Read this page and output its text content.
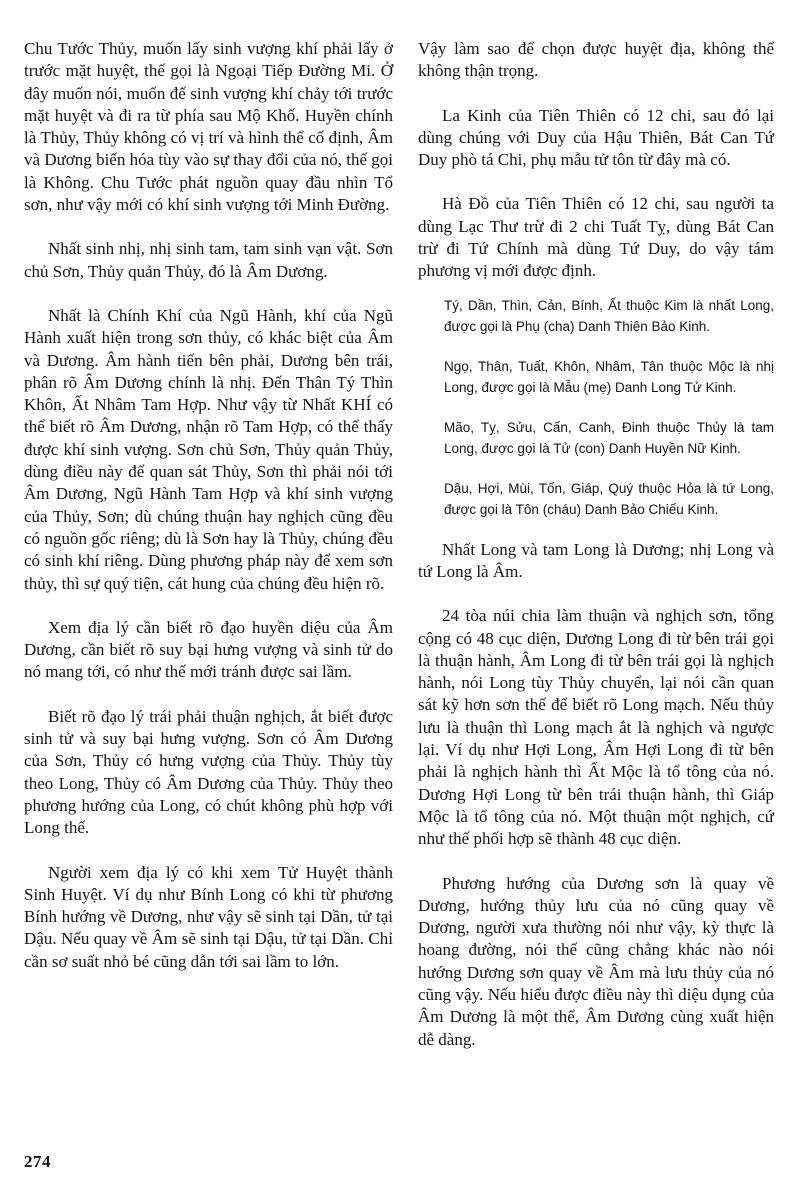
Chu Tước Thủy, muốn lấy sinh vượng khí phải lấy ở trước mặt huyệt, thế gọi là Ngoại Tiếp Đường Mi. Ở đây muốn nói, muốn để sinh vượng khí chảy tới trước mặt huyệt và đi ra từ phía sau Mộ Khố. Huyền chính là Thủy, Thủy không có vị trí và hình thể cố định, Âm và Dương biến hóa tùy vào sự thay đổi của nó, thế gọi là Không. Chu Tước phát nguồn quay đầu nhìn Tổ sơn, như vậy mới có khí sinh vượng tới Minh Đường.

Nhất sinh nhị, nhị sinh tam, tam sinh vạn vật. Sơn chủ Sơn, Thủy quản Thủy, đó là Âm Dương.

Nhất là Chính Khí của Ngũ Hành, khí của Ngũ Hành xuất hiện trong sơn thủy, có khác biệt của Âm và Dương. Âm hành tiến bên phải, Dương bên trái, phân rõ Âm Dương chính là nhị. Đến Thân Tý Thìn Khôn, Ất Nhâm Tam Hợp. Như vậy từ Nhất KHÍ có thể biết rõ Âm Dương, nhận rõ Tam Hợp, có thể thấy được khí sinh vượng. Sơn chủ Sơn, Thủy quản Thủy, dùng điều này để quan sát Thủy, Sơn thì phải nói tới Âm Dương, Ngũ Hành Tam Hợp và khí sinh vượng của Thủy, Sơn; dù chúng thuận hay nghịch cũng đều có nguồn gốc riêng; dù là Sơn hay là Thủy, chúng đều có sinh khí riêng. Dùng phương pháp này để xem sơn thủy, thì sự quý tiện, cát hung của chúng đều hiện rõ.

Xem địa lý cần biết rõ đạo huyền diệu của Âm Dương, cần biết rõ suy bại hưng vượng và sinh tử do nó mang tới, có như thế mới tránh được sai lầm.

Biết rõ đạo lý trái phải thuận nghịch, ắt biết được sinh tử và suy bại hưng vượng. Sơn có Âm Dương của Sơn, Thủy có hưng vượng của Thủy. Thủy tùy theo Long, Thủy có Âm Dương của Thủy. Thủy theo phương hướng của Long, có chút không phù hợp với Long thế.

Người xem địa lý có khi xem Tử Huyệt thành Sinh Huyệt. Ví dụ như Bính Long có khi từ phương Bính hướng về Dương, như vậy sẽ sinh tại Dần, tử tại Dậu. Nếu quay về Âm sẽ sinh tại Dậu, tử tại Dần. Chỉ cần sơ suất nhỏ bé cũng dẫn tới sai lầm to lớn.

Vậy làm sao để chọn được huyệt địa, không thể không thận trọng.

La Kinh của Tiên Thiên có 12 chi, sau đó lại dùng chúng với Duy của Hậu Thiên, Bát Can Tứ Duy phò tá Chi, phụ mẫu tử tôn từ đây mà có.

Hà Đồ của Tiên Thiên có 12 chi, sau người ta dùng Lạc Thư trừ đi 2 chi Tuất Tỵ, dùng Bát Can trừ đi Tứ Chính mà dùng Tứ Duy, do vậy tám phương vị mới được định.

Tý, Dần, Thìn, Cản, Bính, Ất thuộc Kim là nhất Long, được gọi là Phụ (cha) Danh Thiên Bảo Kinh.

Ngọ, Thân, Tuất, Khôn, Nhâm, Tân thuộc Mộc là nhị Long, được gọi là Mẫu (mẹ) Danh Long Tử Kinh.

Mão, Tỵ, Sửu, Cấn, Canh, Đinh thuộc Thủy là tam Long, được gọi là Tử (con) Danh Huyền Nữ Kinh.

Dậu, Hợi, Mùi, Tốn, Giáp, Quý thuộc Hỏa là tứ Long, được gọi là Tôn (cháu) Danh Bảo Chiếu Kinh.

Nhất Long và tam Long là Dương; nhị Long và tứ Long là Âm.

24 tòa núi chia làm thuận và nghịch sơn, tổng cộng có 48 cục diện, Dương Long đi từ bên trái gọi là thuận hành, Âm Long đi từ bên trái gọi là nghịch hành, nói Long tùy Thủy chuyển, lại nói cần quan sát kỹ hơn sơn thế để biết rõ Long mạch. Nếu thủy lưu là thuận thì Long mạch ắt là nghịch và ngược lại. Ví dụ như Hợi Long, Âm Hợi Long đi từ bên phải là nghịch hành thì Ất Mộc là tổ tông của nó. Dương Hợi Long từ bên trái thuận hành, thì Giáp Mộc là tổ tông của nó. Một thuận một nghịch, cứ như thế phối hợp sẽ thành 48 cục diện.

Phương hướng của Dương sơn là quay về Dương, hướng thủy lưu của nó cũng quay về Dương, người xưa thường nói như vậy, kỳ thực là hoang đường, nói thế cũng chẳng khác nào nói hướng Dương sơn quay về Âm mà lưu thủy của nó cũng vậy. Nếu hiểu được điều này thì diệu dụng của Âm Dương là một thể, Âm Dương cùng xuất hiện dễ dàng.

274
